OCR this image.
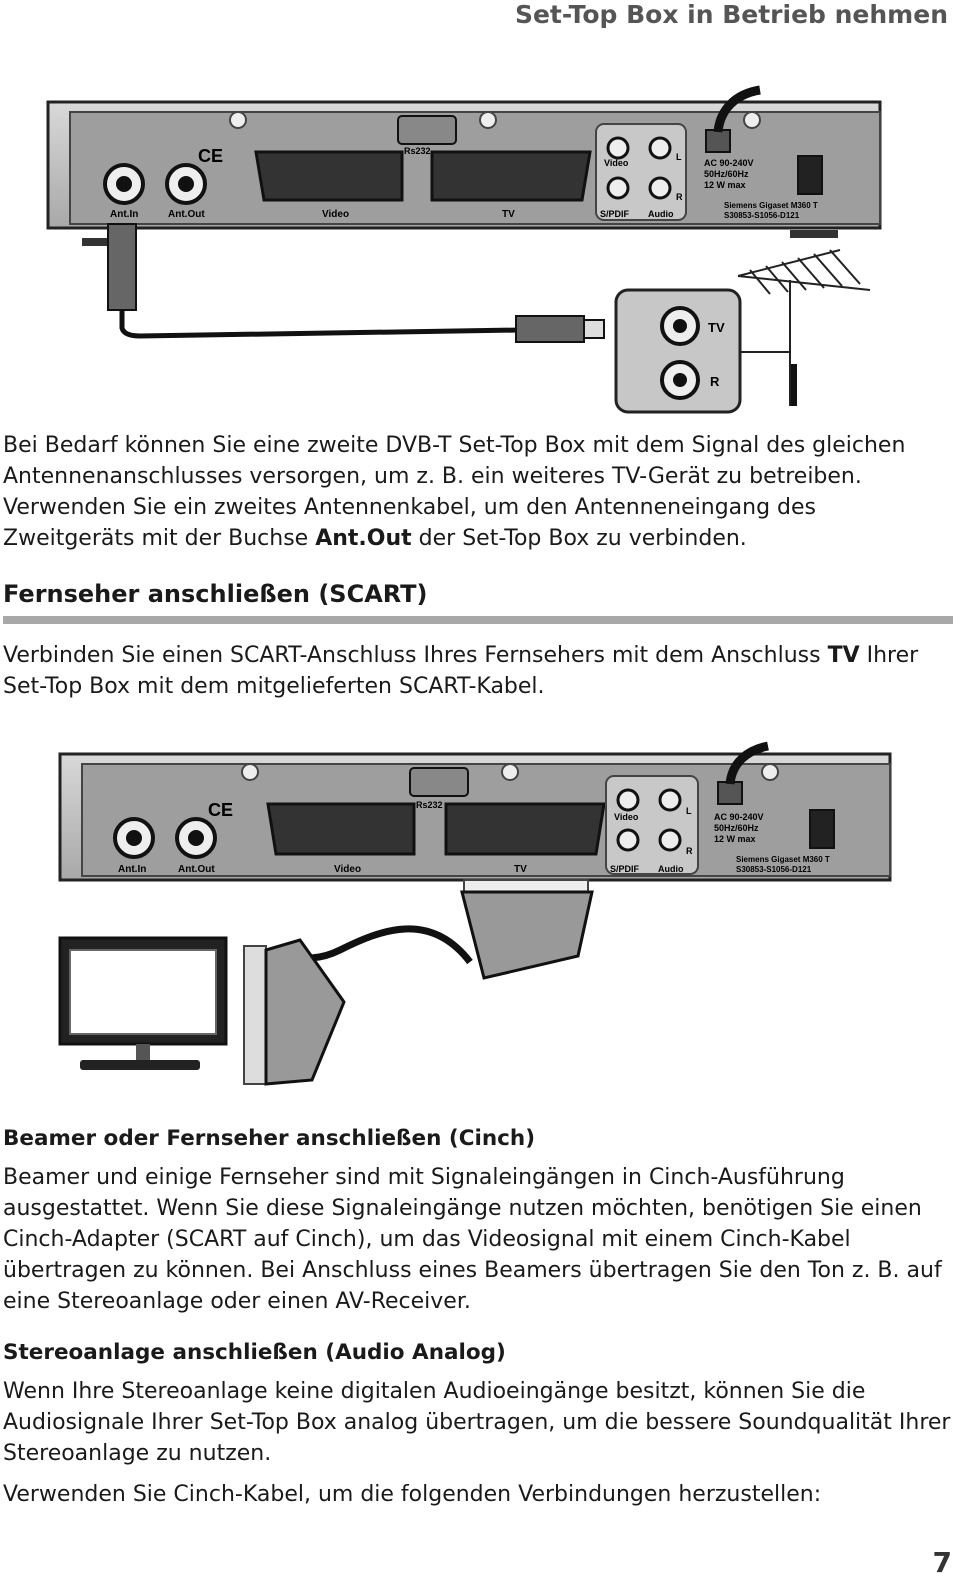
Set-Top Box in Betrieb nehmen
Ant.In	Ant.Out
CE
Video	TV
Rs232
Video
L
R
S/PDIF Audio
AC 90-240V
50Hz/60Hz
12 W max
Siemens Gigaset M360 T
S30853-S1056-D121
TV
R

Bei Bedarf können Sie eine zweite DVB-T Set-Top Box mit dem Signal des gleichen Antennenanschlusses versorgen, um z. B. ein weiteres TV-Gerät zu betreiben. Verwenden Sie ein zweites Antennenkabel, um den Antenneneingang des Zweitgeräts mit der Buchse Ant.Out der Set-Top Box zu verbinden.

Fernseher anschließen (SCART)

Verbinden Sie einen SCART-Anschluss Ihres Fernsehers mit dem Anschluss TV Ihrer Set-Top Box mit dem mitgelieferten SCART-Kabel.

Ant.In	Ant.Out
CE
Video	TV
Rs232
Video
L
R
S/PDIF Audio
AC 90-240V
50Hz/60Hz
12 W max
Siemens Gigaset M360 T
S30853-S1056-D121
Beamer oder Fernseher anschließen (Cinch)

Beamer und einige Fernseher sind mit Signaleingängen in Cinch-Ausführung ausgestattet. Wenn Sie diese Signaleingänge nutzen möchten, benötigen Sie einen Cinch-Adapter (SCART auf Cinch), um das Videosignal mit einem Cinch-Kabel übertragen zu können. Bei Anschluss eines Beamers übertragen Sie den Ton z. B. auf eine Stereoanlage oder einen AV-Receiver.

Stereoanlage anschließen (Audio Analog)

Wenn Ihre Stereoanlage keine digitalen Audioeingänge besitzt, können Sie die Audiosignale Ihrer Set-Top Box analog übertragen, um die bessere Soundqualität Ihrer Stereoanlage zu nutzen.

Verwenden Sie Cinch-Kabel, um die folgenden Verbindungen herzustellen:

7
